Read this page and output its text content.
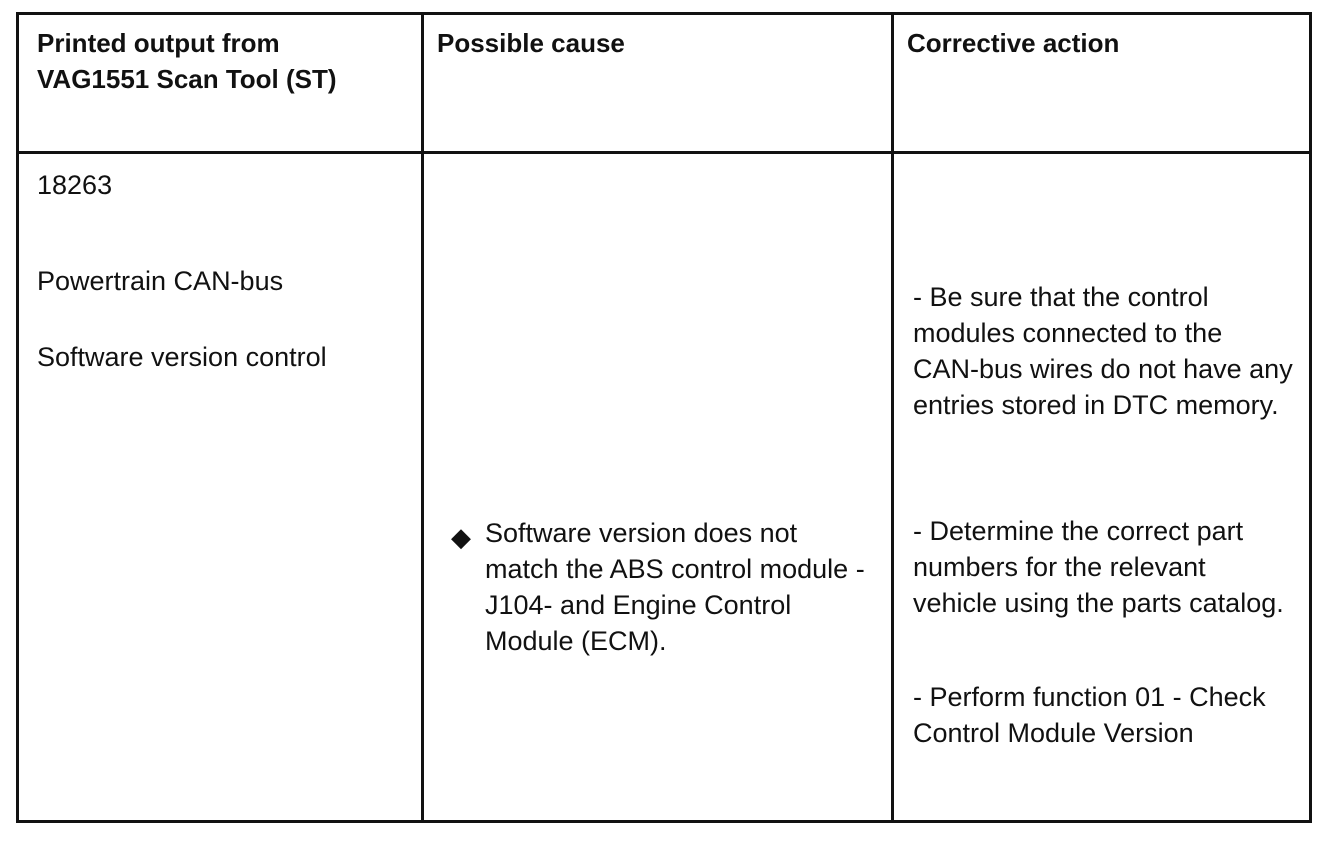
Printed output from VAG1551 Scan Tool (ST)
Possible cause	Corrective action
18263
Powertrain CAN-bus
Software version control
◆ Software version does not match the ABS control module -J104- and Engine Control Module (ECM).
- Be sure that the control modules connected to the CAN-bus wires do not have any entries stored in DTC memory.
- Determine the correct part numbers for the relevant vehicle using the parts catalog.
- Perform function 01 - Check Control Module Version
